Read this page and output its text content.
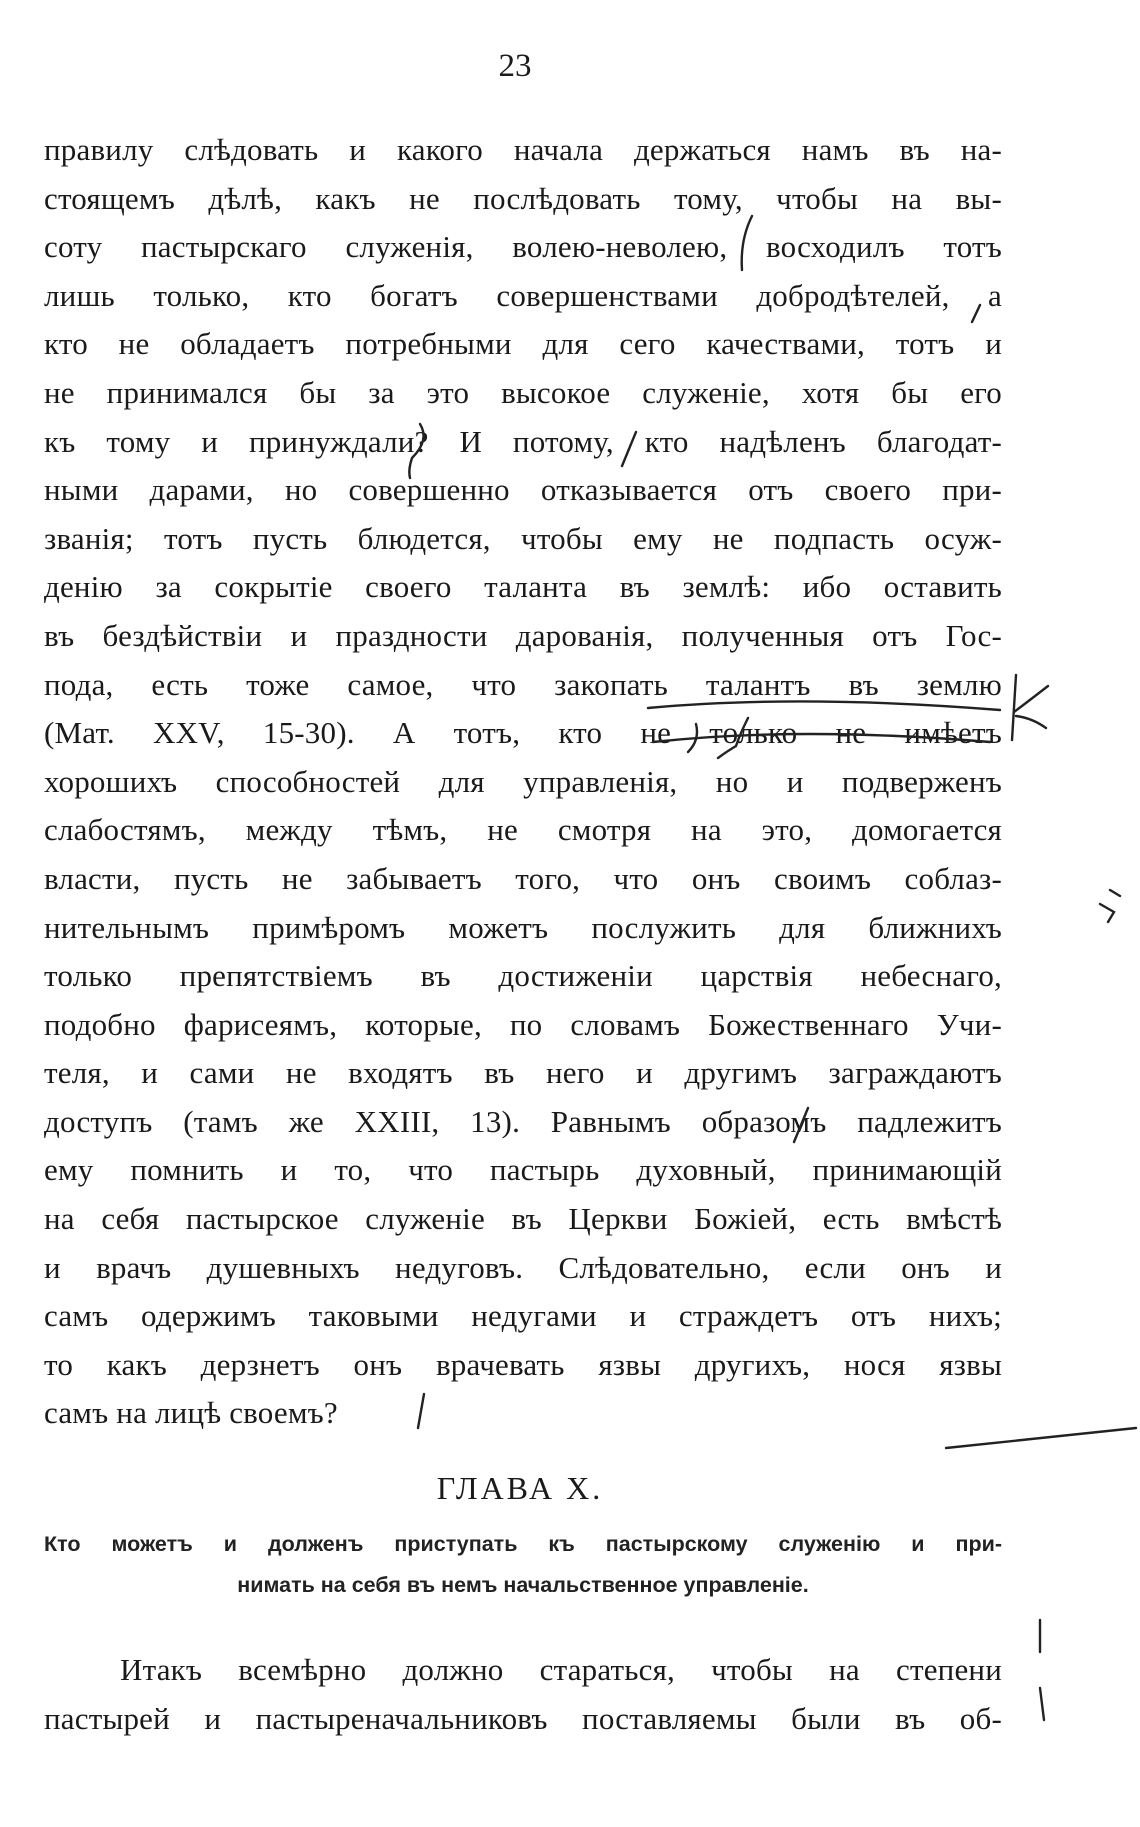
23
правилу слѣдовать и какого начала держаться намъ въ на-
стоящемъ дѣлѣ, какъ не послѣдовать тому, чтобы на вы-
соту пастырскаго служенія, волею-неволею, восходилъ тотъ
лишь только, кто богатъ совершенствами добродѣтелей, а
кто не обладаетъ потребными для сего качествами, тотъ и
не принимался бы за это высокое служеніе, хотя бы его
къ тому и принуждали? И потому, кто надѣленъ благодат-
ными дарами, но совершенно отказывается отъ своего при-
званія; тотъ пусть блюдется, чтобы ему не подпасть осуж-
денію за сокрытіе своего таланта въ землѣ: ибо оставить
въ бездѣйствіи и праздности дарованія, полученныя отъ Гос-
пода, есть тоже самое, что закопать талантъ въ землю
(Мат. XXV, 15-30). А тотъ, кто не только не имѣетъ
хорошихъ способностей для управленія, но и подверженъ
слабостямъ, между тѣмъ, не смотря на это, домогается
власти, пусть не забываетъ того, что онъ своимъ соблаз-
нительнымъ примѣромъ можетъ послужить для ближнихъ
только препятствіемъ въ достиженіи царствія небеснаго,
подобно фарисеямъ, которые, по словамъ Божественнаго Учи-
теля, и сами не входятъ въ него и другимъ заграждаютъ
доступъ (тамъ же XXIII, 13). Равнымъ образомъ падлежитъ
ему помнить и то, что пастырь духовный, принимающій
на себя пастырское служеніе въ Церкви Божіей, есть вмѣстѣ
и врачъ душевныхъ недуговъ. Слѣдовательно, если онъ и
самъ одержимъ таковыми недугами и страждетъ отъ нихъ;
то какъ дерзнетъ онъ врачевать язвы другихъ, нося язвы
самъ на лицѣ своемъ?
ГЛАВА X.
Кто можетъ и долженъ приступать къ пастырскому служенію и при-
нимать на себя въ немъ начальственное управленіе.
Итакъ всемѣрно должно стараться, чтобы на степени
пастырей и пастыреначальниковъ поставляемы были въ об-
